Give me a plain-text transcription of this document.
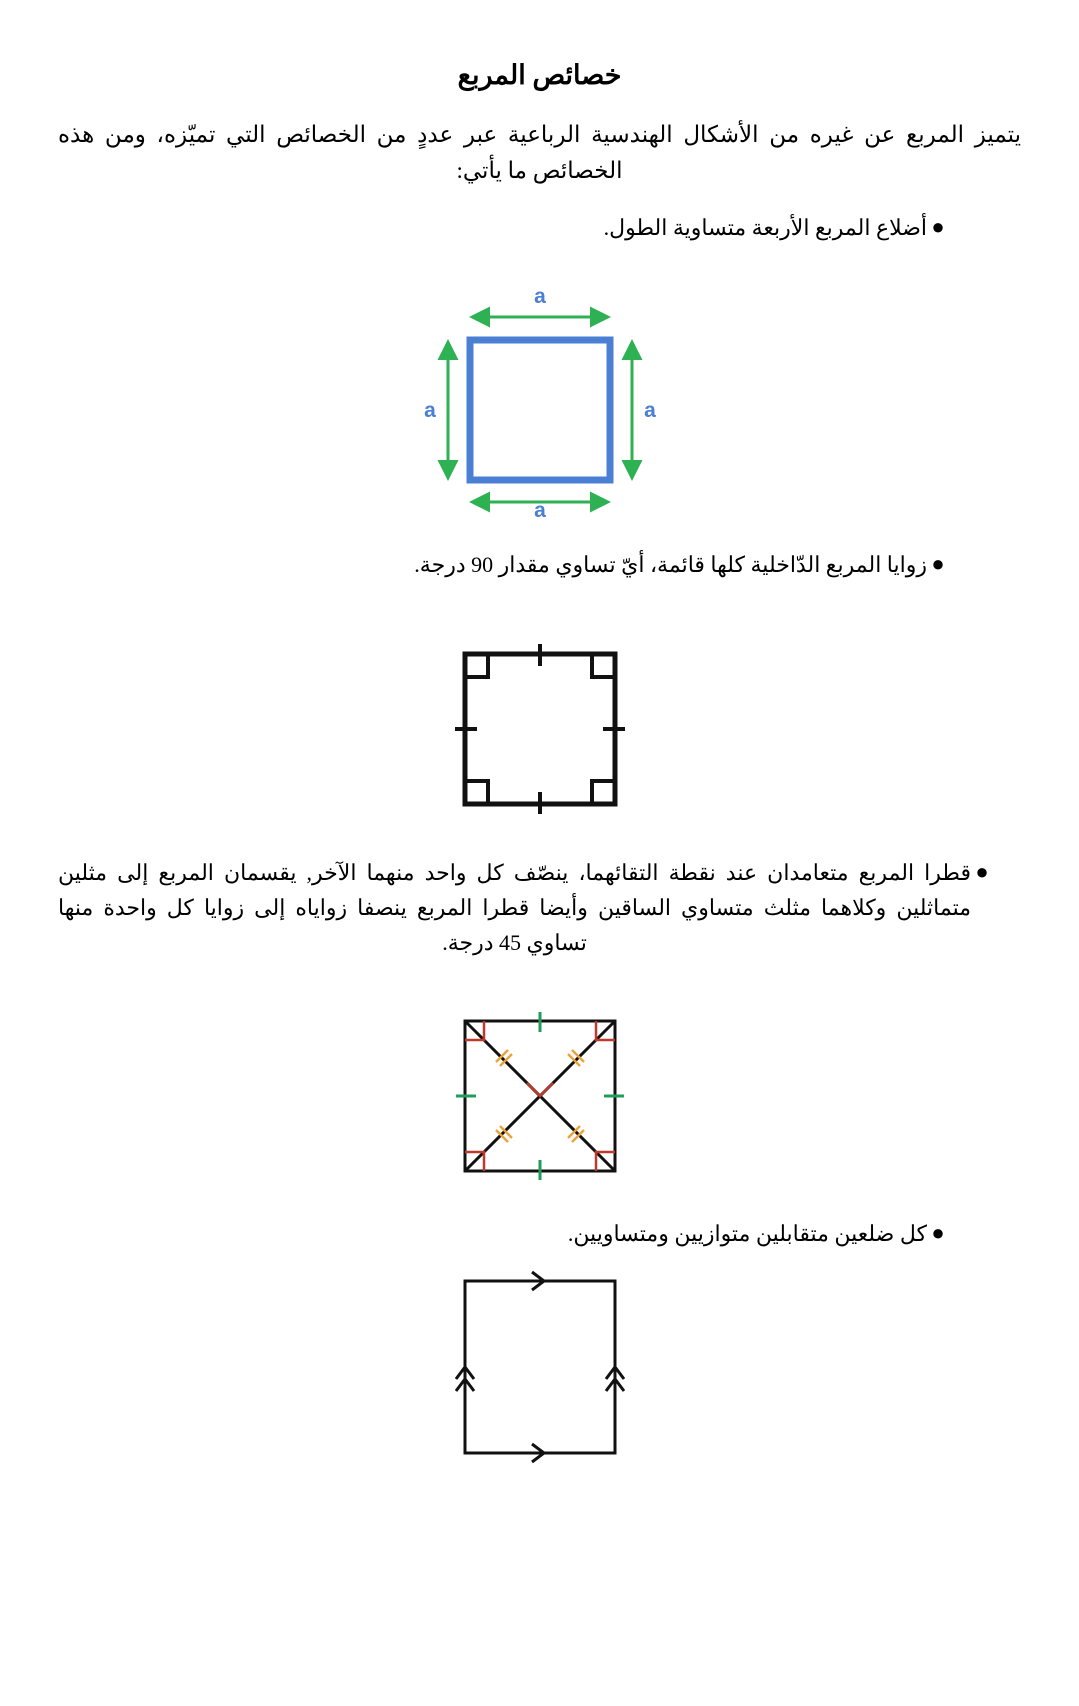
خصائص المربع

يتميز المربع عن غيره من الأشكال الهندسية الرباعية عبر عددٍ من الخصائص التي تميّزه، ومن هذه الخصائص ما يأتي:

●
أضلاع المربع الأربعة متساوية الطول.
a
a
a	a
●
زوايا المربع الدّاخلية كلها قائمة، أيّ تساوي مقدار 90 درجة.
●
قطرا المربع متعامدان عند نقطة التقائهما، ينصّف كل واحد منهما الآخر, يقسمان المربع إلى مثلين متماثلين وكلاهما مثلث متساوي الساقين وأيضا قطرا المربع ينصفا زواياه إلى زوايا كل واحدة منها تساوي 45 درجة.
●
كل ضلعين متقابلين متوازيين ومتساويين.
